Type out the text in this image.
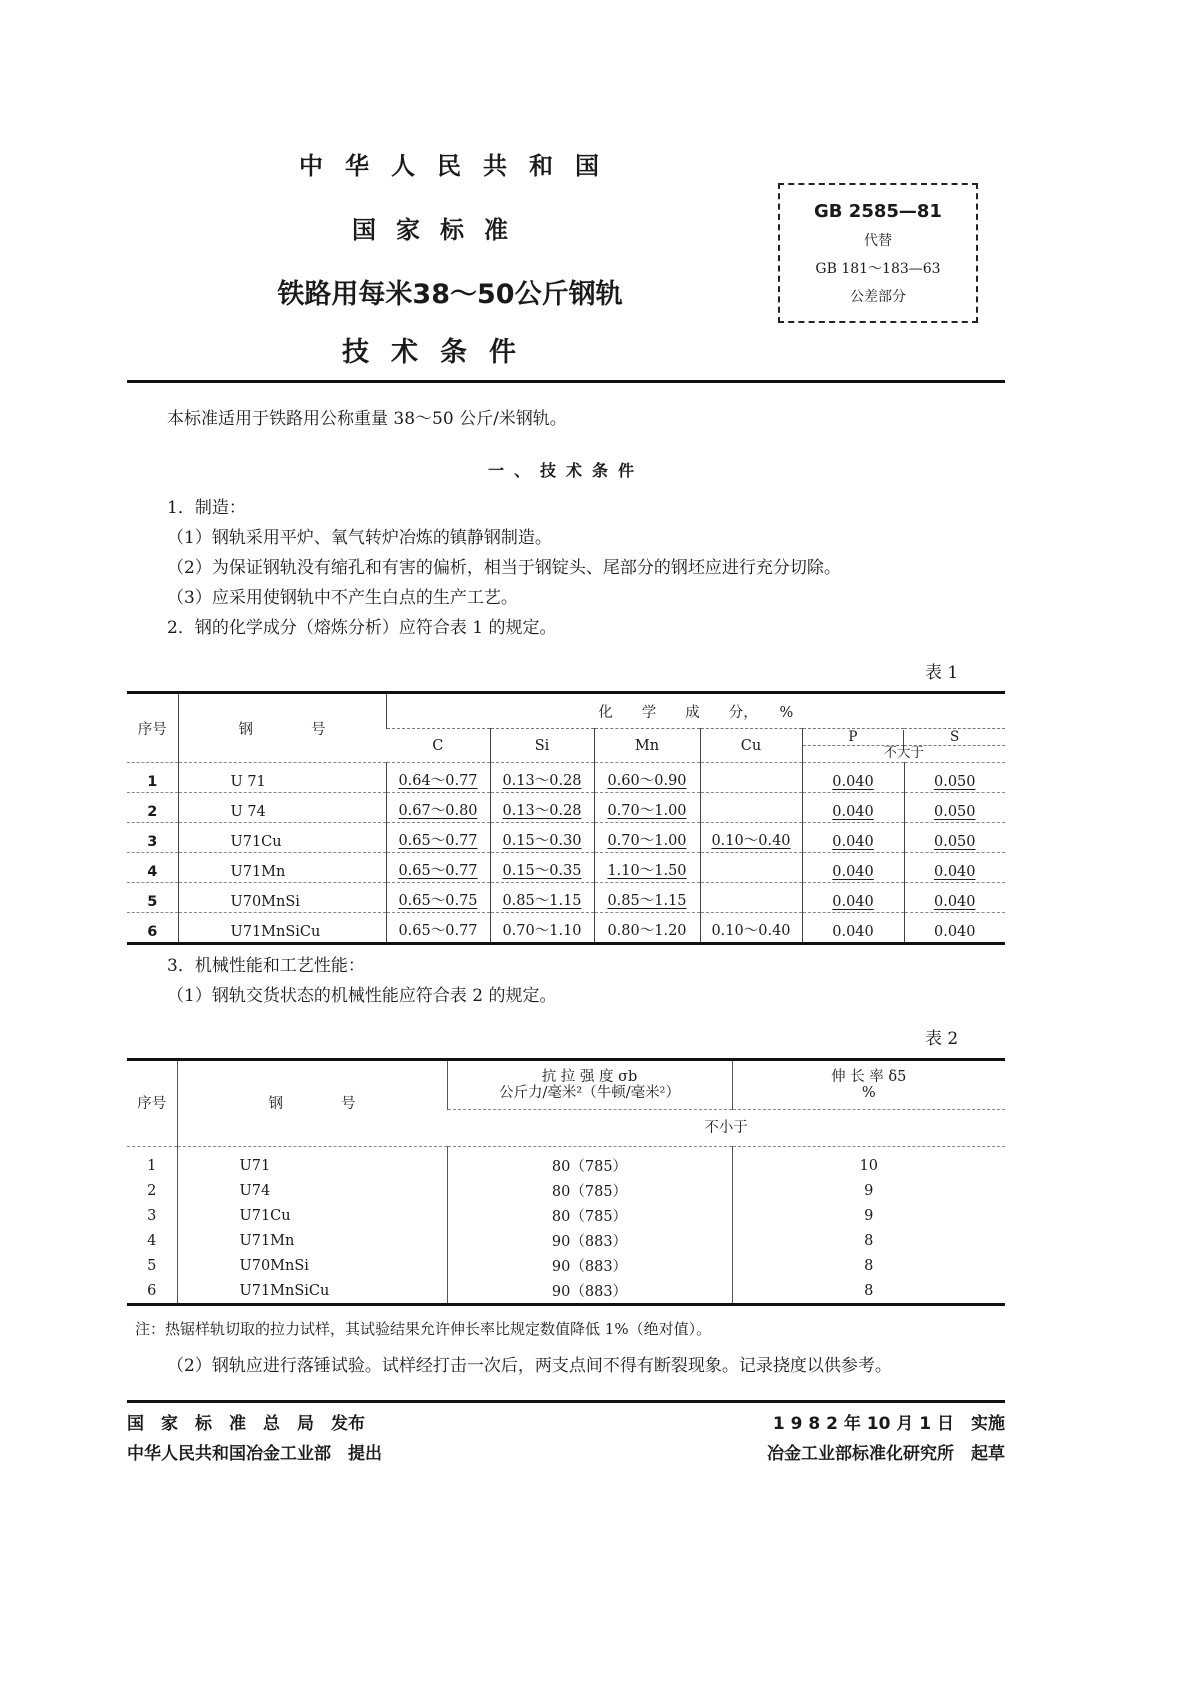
中华人民共和国
国家标准
铁路用每米38～50公斤钢轨
技术条件
GB 2585—81
代替
GB 181～183—63
公差部分
本标准适用于铁路用公称重量 38～50 公斤/米钢轨。
一、技术条件
1．制造：
（1）钢轨采用平炉、氧气转炉冶炼的镇静钢制造。
（2）为保证钢轨没有缩孔和有害的偏析，相当于钢锭头、尾部分的钢坯应进行充分切除。
（3）应采用使钢轨中不产生白点的生产工艺。
2．钢的化学成分（熔炼分析）应符合表 1 的规定。
表 1
序号	钢　　　　号	化　　学　　成　　分，　　%					
		C	Si	Mn	Cu	P S
不大于	

1	U 71	0.64～0.77	0.13～0.28	0.60～0.90		0.040	0.050
2	U 74	0.67～0.80	0.13～0.28	0.70～1.00		0.040	0.050
3	U71Cu	0.65～0.77	0.15～0.30	0.70～1.00	0.10～0.40	0.040	0.050
4	U71Mn	0.65～0.77	0.15～0.35	1.10～1.50		0.040	0.040
5	U70MnSi	0.65～0.75	0.85～1.15	0.85～1.15		0.040	0.040
6	U71MnSiCu	0.65～0.77	0.70～1.10	0.80～1.20	0.10～0.40	0.040	0.040
3．机械性能和工艺性能：
（1）钢轨交货状态的机械性能应符合表 2 的规定。
表 2
序号	钢　　　　号	
抗 拉 强 度 σb
公斤力/毫米²（牛顿/毫米²）

伸 长 率 δ5
%

		不小于	
1	U71	80（785）	10
2	U74	80（785）	9
3	U71Cu	80（785）	9
4	U71Mn	90（883）	8
5	U70MnSi	90（883）	8
6	U71MnSiCu	90（883）	8
注：热锯样轨切取的拉力试样，其试验结果允许伸长率比规定数值降低 1%（绝对值）。
（2）钢轨应进行落锤试验。试样经打击一次后，两支点间不得有断裂现象。记录挠度以供参考。
国　家　标　准　总　局　发布	1 9 8 2 年 10 月 1 日　实施
中华人民共和国冶金工业部　提出	冶金工业部标准化研究所　起草
